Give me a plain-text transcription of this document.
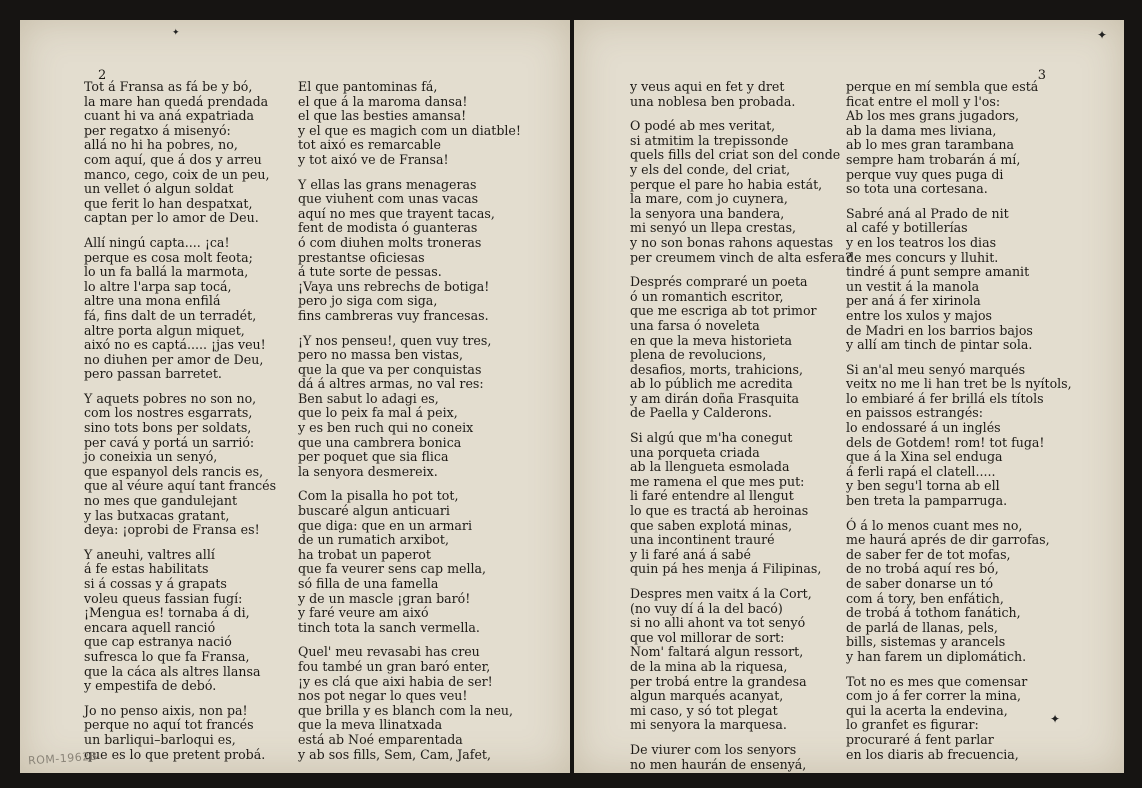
2
Tot á Fransa as fá be y bó,
la mare han quedá prendada
cuant hi va aná expatriada
per regatxo á misenyó:
allá no hi ha pobres, no,
com aquí, que á dos y arreu
manco, cego, coix de un peu,
un vellet ó algun soldat
que ferit lo han despatxat,
captan per lo amor de Deu.
Allí ningú capta.... ¡ca!
perque es cosa molt feota;
lo un fa ballá la marmota,
lo altre l'arpa sap tocá,
altre una mona enfilá
fá, fins dalt de un terradét,
altre porta algun miquet,
aixó no es captá..... ¡jas veu!
no diuhen per amor de Deu,
pero passan barretet.
Y aquets pobres no son no,
com los nostres esgarrats,
sino tots bons per soldats,
per cavá y portá un sarrió:
jo coneixia un senyó,
que espanyol dels rancis es,
que al véure aquí tant francés
no mes que gandulejant
y las butxacas gratant,
deya: ¡oprobi de Fransa es!
Y aneuhi, valtres allí
á fe estas habilitats
si á cossas y á grapats
voleu queus fassian fugí:
¡Mengua es! tornaba á di,
encara aquell ranció
que cap estranya nació
sufresca lo que fa Fransa,
que la cáca als altres llansa
y empestifa de debó.
Jo no penso aixis, non pa!
perque no aquí tot francés
un barliqui–barloqui es,
que es lo que pretent probá.
El que pantominas fá,
el que á la maroma dansa!
el que las besties amansa!
y el que es magich com un diatble!
tot aixó es remarcable
y tot aixó ve de Fransa!
Y ellas las grans menageras
que viuhent com unas vacas
aquí no mes que trayent tacas,
fent de modista ó guanteras
ó com diuhen molts troneras
prestantse oficiesas
á tute sorte de pessas.
¡Vaya uns rebrechs de botiga!
pero jo siga com siga,
fins cambreras vuy francesas.
¡Y nos penseu!, quen vuy tres,
pero no massa ben vistas,
que la que va per conquistas
dá á altres armas, no val res:
Ben sabut lo adagi es,
que lo peix fa mal á peix,
y es ben ruch qui no coneix
que una cambrera bonica
per poquet que sia flica
la senyora desmereix.
Com la pisalla ho pot tot,
buscaré algun anticuari
que diga: que en un armari
de un rumatich arxibot,
ha trobat un paperot
que fa veurer sens cap mella,
só filla de una famella
y de un mascle ¡gran baró!
y faré veure am aixó
tinch tota la sanch vermella.
Quel' meu revasabi has creu
fou també un gran baró enter,
¡y es clá que aixi habia de ser!
nos pot negar lo ques veu!
que brilla y es blanch com la neu,
que la meva llinatxada
está ab Noé emparentada
y ab sos fills, Sem, Cam, Jafet,
3
y veus aqui en fet y dret
una noblesa ben probada.
O podé ab mes veritat,
si atmitim la trepissonde
quels fills del criat son del conde
y els del conde, del criat,
perque el pare ho habia estát,
la mare, com jo cuynera,
la senyora una bandera,
mi senyó un llepa crestas,
y no son bonas rahons aquestas
per creumem vinch de alta esfera?
Després compraré un poeta
ó un romantich escritor,
que me escriga ab tot primor
una farsa ó noveleta
en que la meva historieta
plena de revolucions,
desafios, morts, trahicions,
ab lo públich me acredita
y am dirán doña Frasquita
de Paella y Calderons.
Si algú que m'ha conegut
una porqueta criada
ab la llengueta esmolada
me ramena el que mes put:
li faré entendre al llengut
lo que es tractá ab heroinas
que saben explotá minas,
una incontinent trauré
y li faré aná á sabé
quin pá hes menja á Filipinas,
Despres men vaitx á la Cort,
(no vuy dí á la del bacó)
si no alli ahont va tot senyó
que vol millorar de sort:
Nom' faltará algun ressort,
de la mina ab la riquesa,
per trobá entre la grandesa
algun marqués acanyat,
mi caso, y só tot plegat
mi senyora la marquesa.
De viurer com los senyors
no men haurán de ensenyá,
perque en mí sembla que está
ficat entre el moll y l'os:
Ab los mes grans jugadors,
ab la dama mes liviana,
ab lo mes gran tarambana
sempre ham trobarán á mí,
perque vuy ques puga di
so tota una cortesana.
Sabré aná al Prado de nit
al café y botillerías
y en los teatros los dias
de mes concurs y lluhit.
tindré á punt sempre amanit
un vestit á la manola
per aná á fer xirinola
entre los xulos y majos
de Madri en los barrios bajos
y allí am tinch de pintar sola.
Si an'al meu senyó marqués
veitx no me li han tret be ls nyítols,
lo embiaré á fer brillá els títols
en paissos estrangés:
lo endossaré á un inglés
dels de Gotdem! rom! tot fuga!
que á la Xina sel enduga
á ferli rapá el clatell.....
y ben segu'l torna ab ell
ben treta la pamparruga.
Ó á lo menos cuant mes no,
me haurá aprés de dir garrofas,
de saber fer de tot mofas,
de no trobá aquí res bó,
de saber donarse un tó
com á tory, ben enfátich,
de trobá á tothom fanátich,
de parlá de llanas, pels,
bills, sistemas y arancels
y han farem un diplomátich.
Tot no es mes que comensar
com jo á fer correr la mina,
qui la acerta la endevina,
lo granfet es figurar:
procuraré á fent parlar
en los diaris ab frecuencia,
ROM-1962B
✦
✦
✦
